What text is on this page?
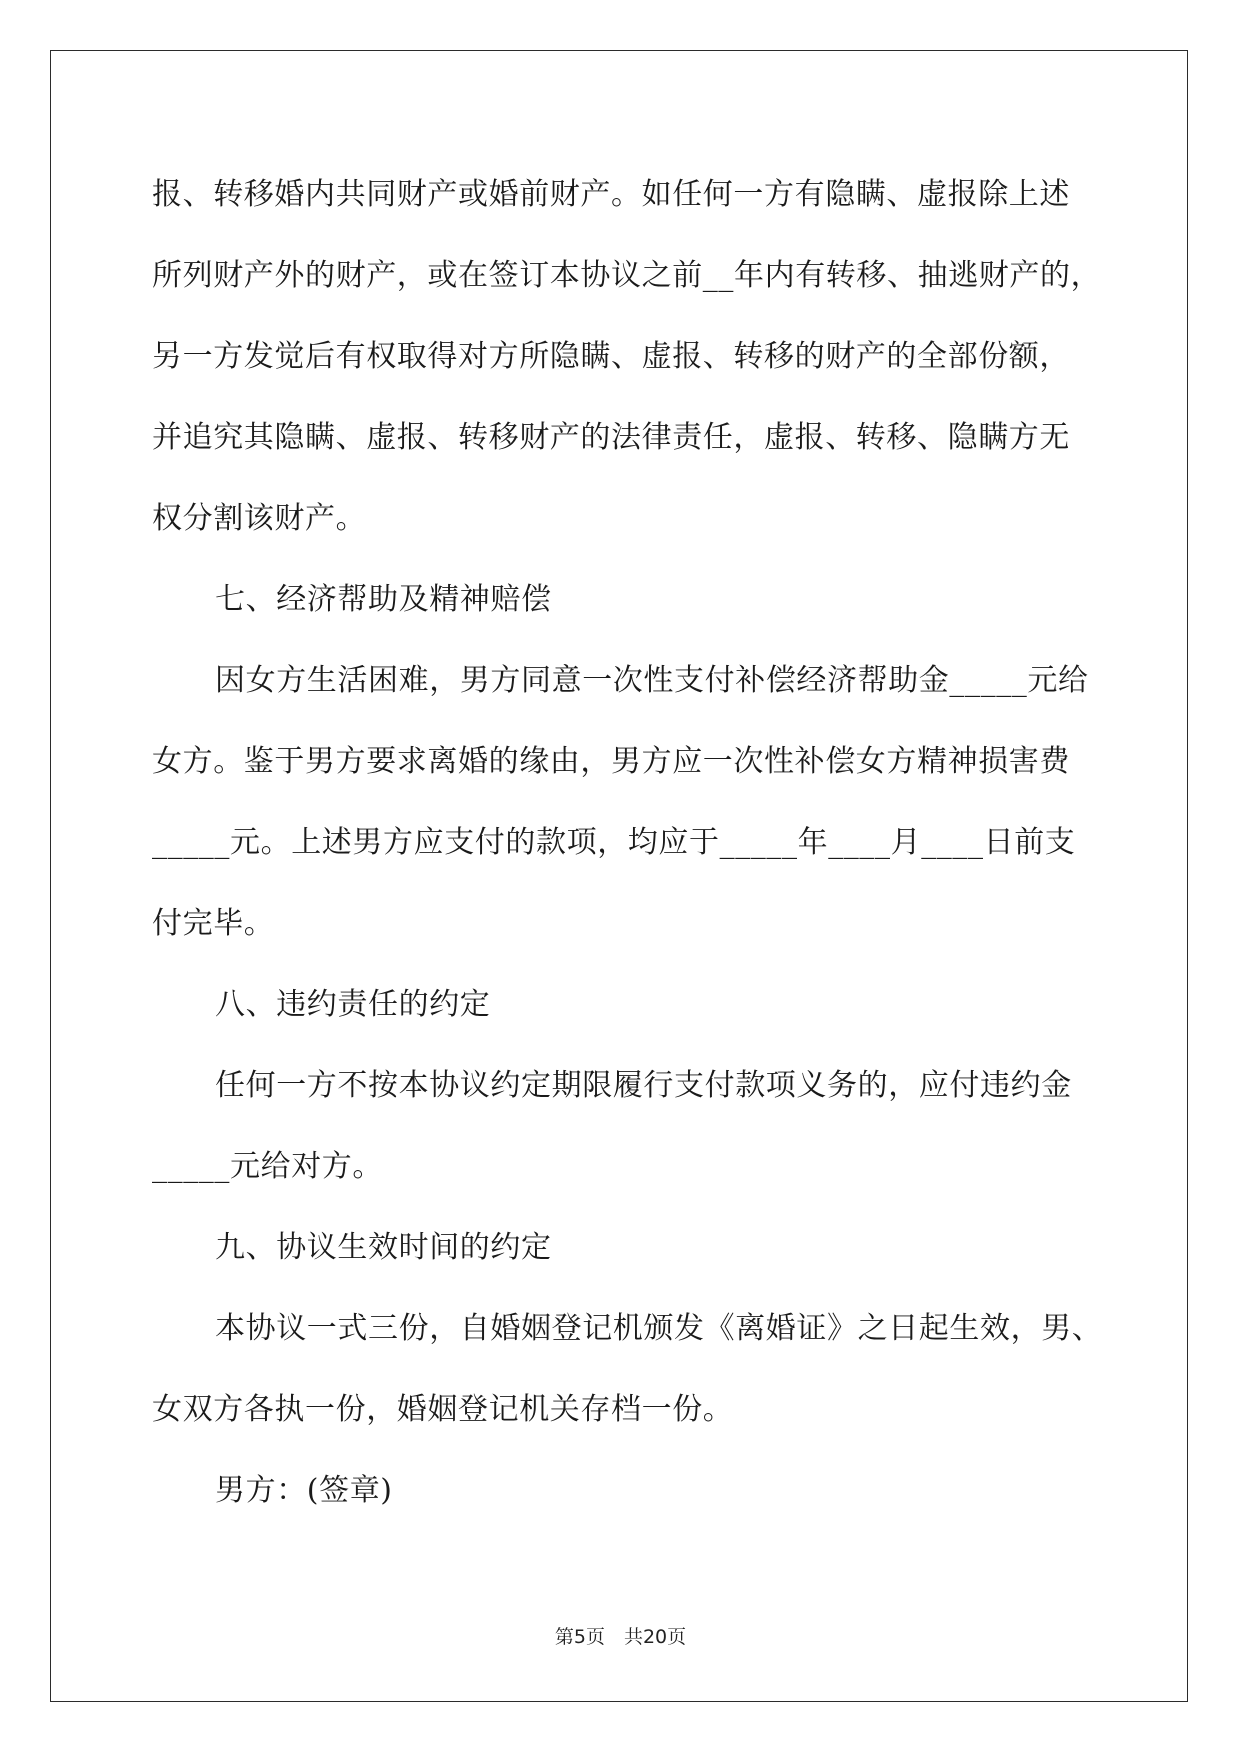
报、转移婚内共同财产或婚前财产。如任何一方有隐瞒、虚报除上述
所列财产外的财产，或在签订本协议之前__年内有转移、抽逃财产的，
另一方发觉后有权取得对方所隐瞒、虚报、转移的财产的全部份额，
并追究其隐瞒、虚报、转移财产的法律责任，虚报、转移、隐瞒方无
权分割该财产。
七、经济帮助及精神赔偿
因女方生活困难，男方同意一次性支付补偿经济帮助金_____元给
女方。鉴于男方要求离婚的缘由，男方应一次性补偿女方精神损害费
_____元。上述男方应支付的款项，均应于_____年____月____日前支
付完毕。
八、违约责任的约定
任何一方不按本协议约定期限履行支付款项义务的，应付违约金
_____元给对方。
九、协议生效时间的约定
本协议一式三份，自婚姻登记机颁发《离婚证》之日起生效，男、
女双方各执一份，婚姻登记机关存档一份。
男方：(签章)
第5页　共20页
